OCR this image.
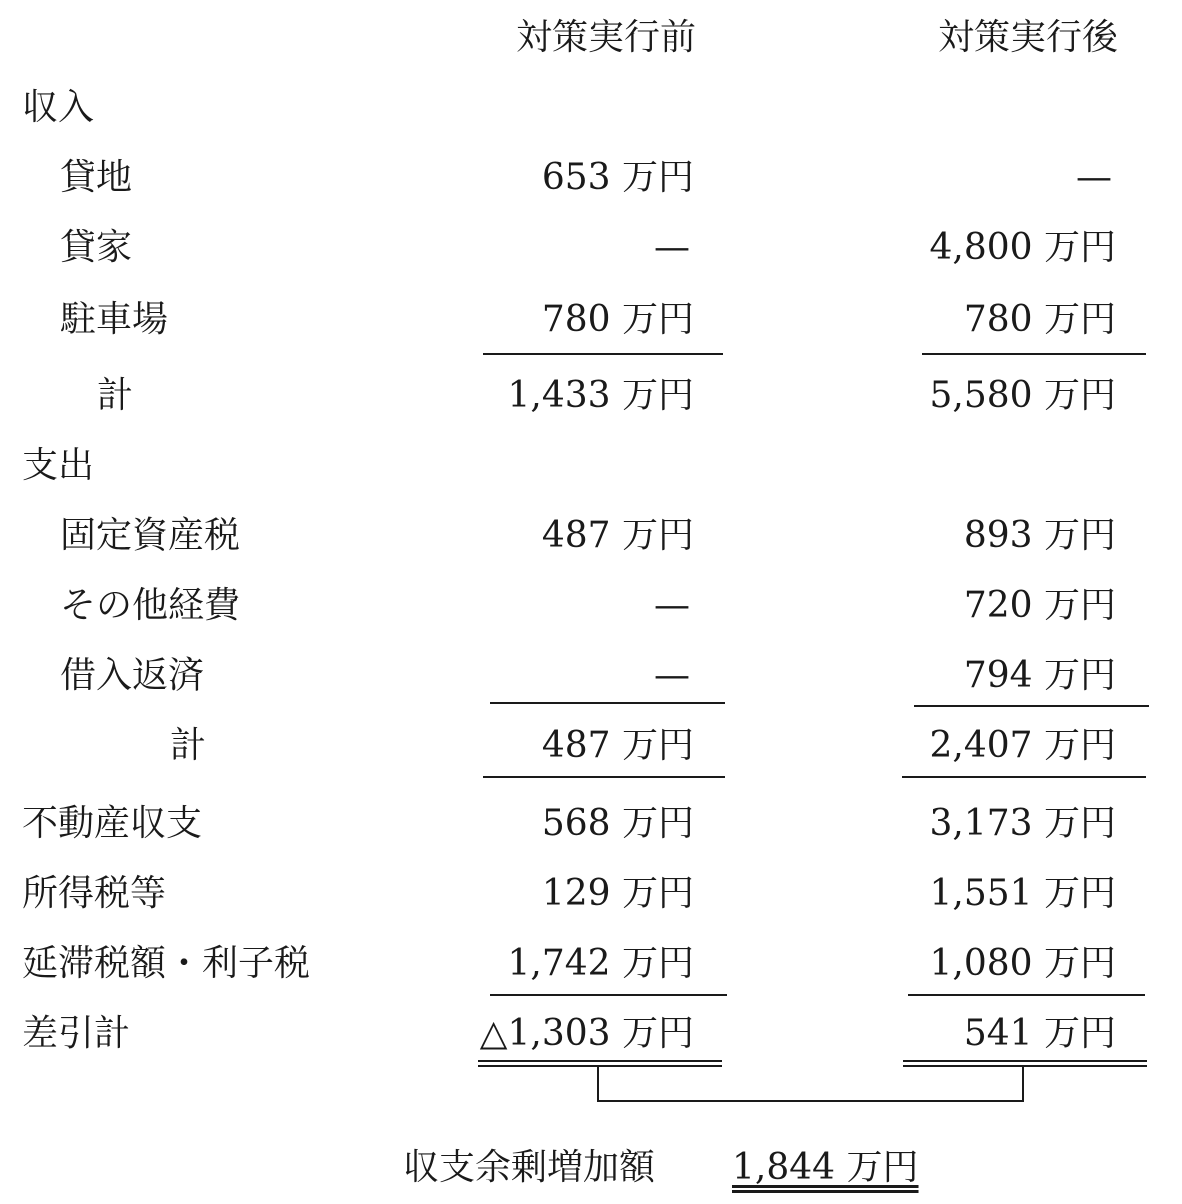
対策実行前	対策実行後
収入
貸地	653 万円	—
貸家	—	4,800 万円
駐車場	780 万円	780 万円
計	1,433 万円	5,580 万円
支出
固定資産税	487 万円	893 万円
その他経費	—	720 万円
借入返済	—	794 万円
計	487 万円	2,407 万円
不動産収支	568 万円	3,173 万円
所得税等	129 万円	1,551 万円
延滞税額・利子税	1,742 万円	1,080 万円
差引計	△1,303 万円	541 万円
収支余剰増加額 1,844 万円
